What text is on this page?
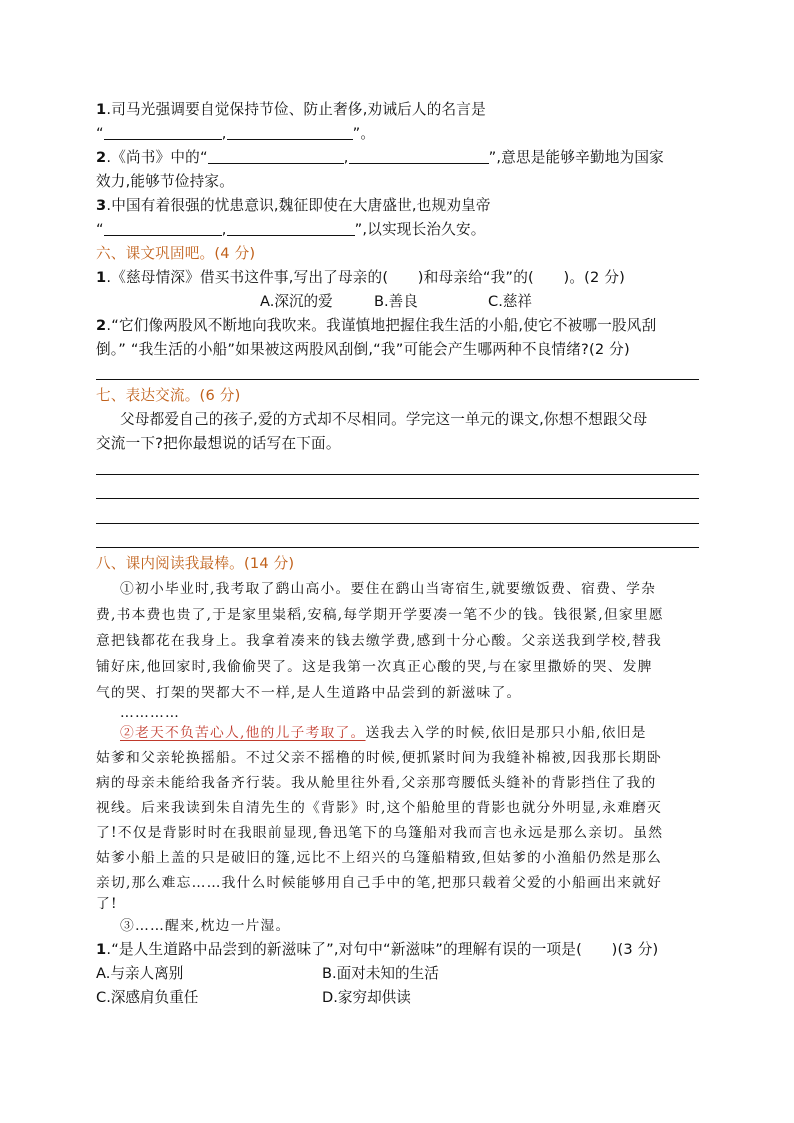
1.司马光强调要自觉保持节俭、防止奢侈,劝诫后人的名言是
“	,	”。
2.《尚书》中的“	,	”,意思是能够辛勤地为国家
效力,能够节俭持家。
3.中国有着很强的忧患意识,魏征即使在大唐盛世,也规劝皇帝
“	,	”,以实现长治久安。
六、课文巩固吧。(4 分)
1.《慈母情深》借买书这件事,写出了母亲的(　　)和母亲给“我”的(　　)。(2 分)
A.深沉的爱	B.善良	C.慈祥
2.“它们像两股风不断地向我吹来。我谨慎地把握住我生活的小船,使它不被哪一股风刮
倒。” “我生活的小船”如果被这两股风刮倒,“我”可能会产生哪两种不良情绪?(2 分)
七、表达交流。(6 分)
父母都爱自己的孩子,爱的方式却不尽相同。学完这一单元的课文,你想不想跟父母
交流一下?把你最想说的话写在下面。
八、课内阅读我最棒。(14 分)
①初小毕业时,我考取了鹞山高小。要住在鹞山当寄宿生,就要缴饭费、宿费、学杂
费,书本费也贵了,于是家里粜稻,安稿,每学期开学要凑一笔不少的钱。钱很紧,但家里愿
意把钱都花在我身上。我拿着凑来的钱去缴学费,感到十分心酸。父亲送我到学校,替我
铺好床,他回家时,我偷偷哭了。这是我第一次真正心酸的哭,与在家里撒娇的哭、发脾
气的哭、打架的哭都大不一样,是人生道路中品尝到的新滋味了。
…………
②老天不负苦心人,他的儿子考取了。送我去入学的时候,依旧是那只小船,依旧是
姑爹和父亲轮换摇船。不过父亲不摇橹的时候,便抓紧时间为我缝补棉被,因我那长期卧
病的母亲未能给我备齐行装。我从舱里往外看,父亲那弯腰低头缝补的背影挡住了我的
视线。后来我读到朱自清先生的《背影》时,这个船舱里的背影也就分外明显,永难磨灭
了!不仅是背影时时在我眼前显现,鲁迅笔下的乌篷船对我而言也永远是那么亲切。虽然
姑爹小船上盖的只是破旧的篷,远比不上绍兴的乌篷船精致,但姑爹的小渔船仍然是那么
亲切,那么难忘……我什么时候能够用自己手中的笔,把那只载着父爱的小船画出来就好
了!
③……醒来,枕边一片湿。
1.“是人生道路中品尝到的新滋味了”,对句中“新滋味”的理解有误的一项是(　　)(3 分)
A.与亲人离别	B.面对未知的生活
C.深感肩负重任	D.家穷却供读
